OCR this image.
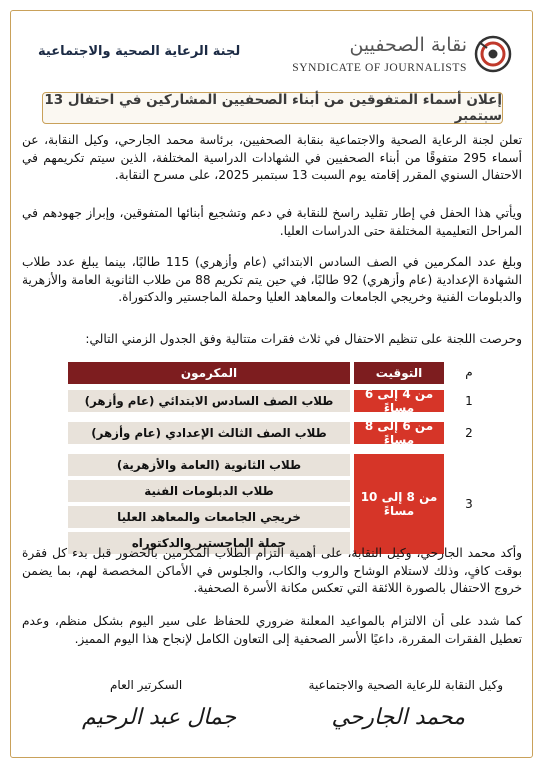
لجنة الرعاية الصحية والاجتماعية	نقابة الصحفيين
SYNDICATE OF JOURNALISTS
إعلان أسماء المتفوقين من أبناء الصحفيين المشاركين في احتفال 13 سبتمبر
تعلن لجنة الرعاية الصحية والاجتماعية بنقابة الصحفيين، برئاسة محمد الجارحي، وكيل النقابة، عن أسماء 295 متفوقًا من أبناء الصحفيين في الشهادات الدراسية المختلفة، الذين سيتم تكريمهم في الاحتفال السنوي المقرر إقامته يوم السبت 13 سبتمبر 2025، على مسرح النقابة.
ويأتي هذا الحفل في إطار تقليد راسخ للنقابة في دعم وتشجيع أبنائها المتفوقين، وإبراز جهودهم في المراحل التعليمية المختلفة حتى الدراسات العليا.
وبلغ عدد المكرمين في الصف السادس الابتدائي (عام وأزهري) 115 طالبًا، بينما يبلغ عدد طلاب الشهادة الإعدادية (عام وأزهري) 92 طالبًا، في حين يتم تكريم 88 من طلاب الثانوية العامة والأزهرية والدبلومات الفنية وخريجي الجامعات والمعاهد العليا وحملة الماجستير والدكتوراة.
وحرصت اللجنة على تنظيم الاحتفال في ثلاث فقرات متتالية وفق الجدول الزمني التالي:
م
التوقيت
المكرمون
1
من 4 إلى 6 مساءً
طلاب الصف السادس الابتدائي (عام وأزهر)
2
من 6 إلى 8 مساءً
طلاب الصف الثالث الإعدادي (عام وأزهر)
3
من 8 إلى 10 مساءً
طلاب الثانوية (العامة والأزهرية)
طلاب الدبلومات الفنية
خريجي الجامعات والمعاهد العليا
حملة الماجستير والدكتوراه
وأكد محمد الجارحي، وكيل النقابة، على أهمية التزام الطلاب المكرمين بالحضور قبل بدء كل فقرة بوقت كافٍ، وذلك لاستلام الوشاح والروب والكاب، والجلوس في الأماكن المخصصة لهم، بما يضمن خروج الاحتفال بالصورة اللائقة التي تعكس مكانة الأسرة الصحفية.
كما شدد على أن الالتزام بالمواعيد المعلنة ضروري للحفاظ على سير اليوم بشكل منظم، وعدم تعطيل الفقرات المقررة، داعيًا الأسر الصحفية إلى التعاون الكامل لإنجاح هذا اليوم المميز.
وكيل النقابة للرعاية الصحية والاجتماعية
السكرتير العام
محمد الجارحي
جمال عبد الرحيم
